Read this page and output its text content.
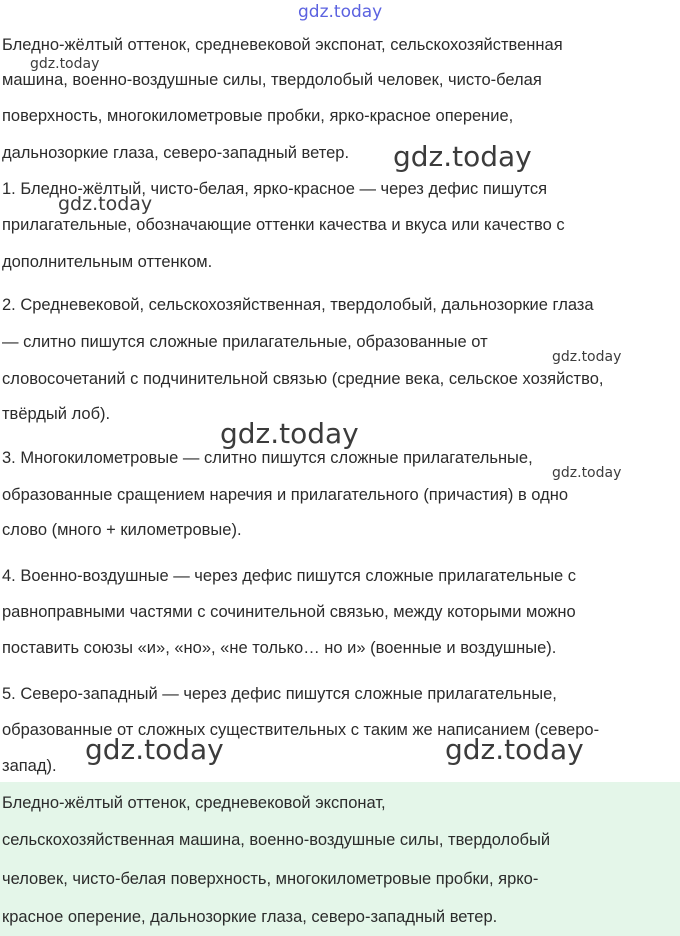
Бледно-жёлтый оттенок, средневековой экспонат, сельскохозяйственная
машина, военно-воздушные силы, твердолобый человек, чисто-белая
поверхность, многокилометровые пробки, ярко-красное оперение,
дальнозоркие глаза, северо-западный ветер.
1. Бледно-жёлтый, чисто-белая, ярко-красное — через дефис пишутся
прилагательные, обозначающие оттенки качества и вкуса или качество с
дополнительным оттенком.
2. Средневековой, сельскохозяйственная, твердолобый, дальнозоркие глаза
— слитно пишутся сложные прилагательные, образованные от
словосочетаний с подчинительной связью (средние века, сельское хозяйство,
твёрдый лоб).
3. Многокилометровые — слитно пишутся сложные прилагательные,
образованные сращением наречия и прилагательного (причастия) в одно
слово (много + километровые).
4. Военно-воздушные — через дефис пишутся сложные прилагательные с
равноправными частями с сочинительной связью, между которыми можно
поставить союзы «и», «но», «не только… но и» (военные и воздушные).
5. Северо-западный — через дефис пишутся сложные прилагательные,
образованные от сложных существительных с таким же написанием (северо-
запад).
Бледно-жёлтый оттенок, средневековой экспонат,
сельскохозяйственная машина, военно-воздушные силы, твердолобый
человек, чисто-белая поверхность, многокилометровые пробки, ярко-
красное оперение, дальнозоркие глаза, северо-западный ветер.
gdz.today
gdz.today
gdz.today
gdz.today
gdz.today
gdz.today
gdz.today
gdz.today	gdz.today
